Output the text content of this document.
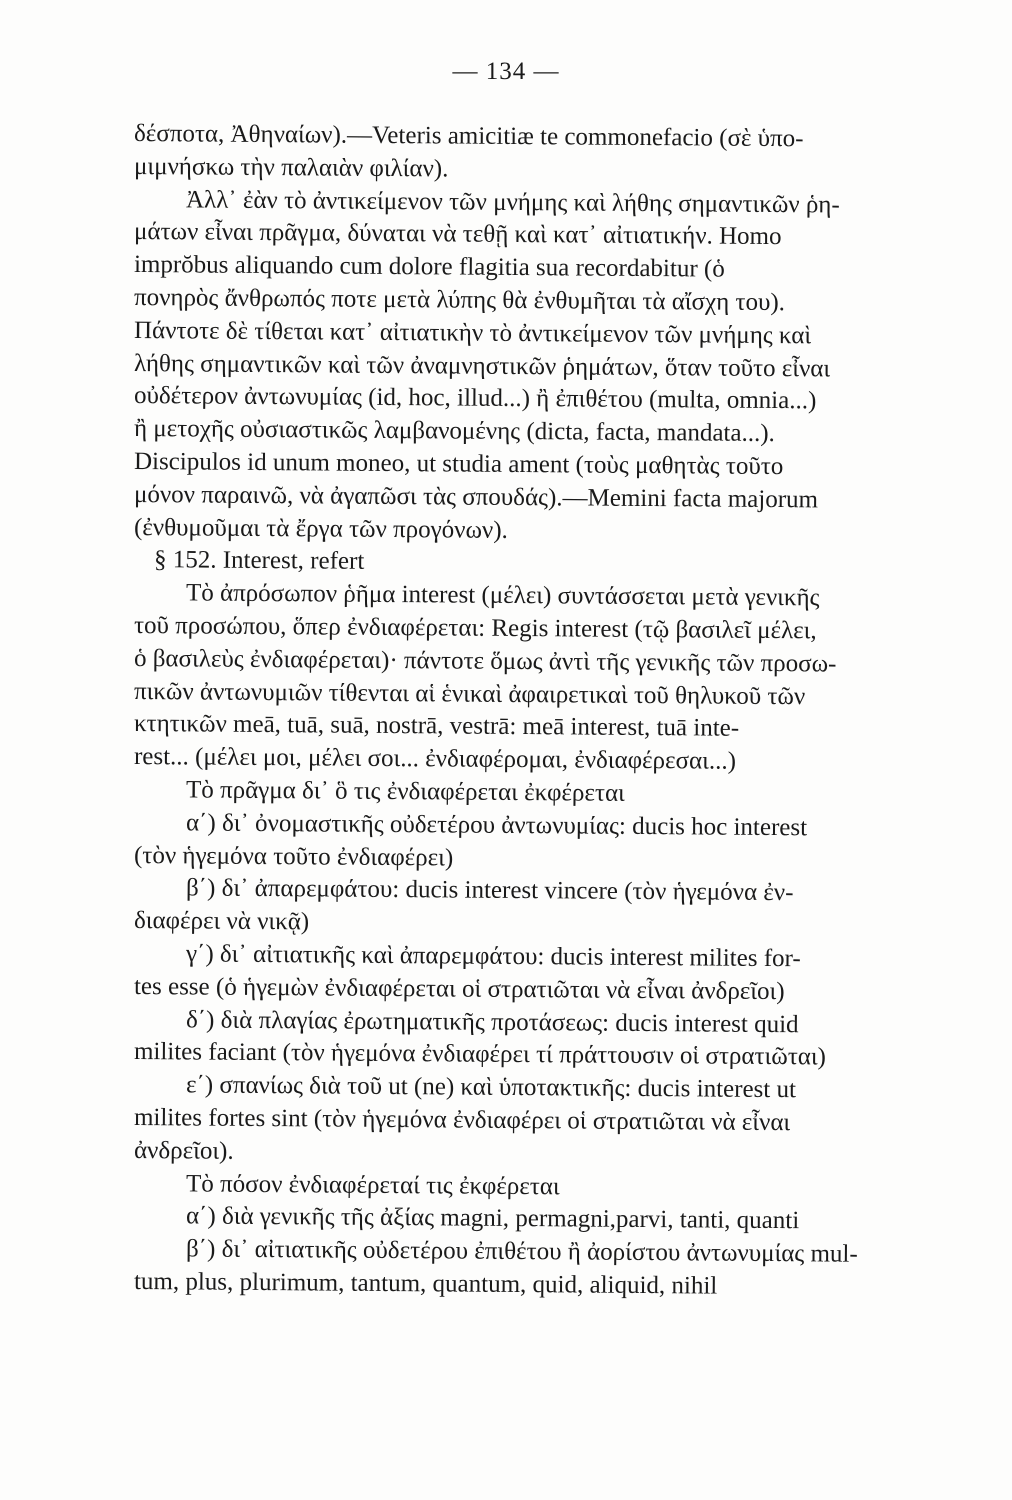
— 134 —
δέσποτα, Ἀθηναίων).—Veteris amicitiæ te commonefacio (σὲ ὑπο-
μιμνήσκω τὴν παλαιὰν φιλίαν).
Ἀλλ᾽ ἐὰν τὸ ἀντικείμενον τῶν μνήμης καὶ λήθης σημαντικῶν ῥη-
μάτων εἶναι πρᾶγμα, δύναται νὰ τεθῇ καὶ κατ᾽ αἰτιατικήν. Homo
imprŏbus aliquando cum dolore flagitia sua recordabitur (ὁ
πονηρὸς ἄνθρωπός ποτε μετὰ λύπης θὰ ἐνθυμῆται τὰ αἴσχη του).
Πάντοτε δὲ τίθεται κατ᾽ αἰτιατικὴν τὸ ἀντικείμενον τῶν μνήμης καὶ
λήθης σημαντικῶν καὶ τῶν ἀναμνηστικῶν ῥημάτων, ὅταν τοῦτο εἶναι
οὐδέτερον ἀντωνυμίας (id, hoc, illud...) ἢ ἐπιθέτου (multa, omnia...)
ἢ μετοχῆς οὐσιαστικῶς λαμβανομένης (dicta, facta, mandata...).
Discipulos id unum moneo, ut studia ament (τοὺς μαθητὰς τοῦτο
μόνον παραινῶ, νὰ ἀγαπῶσι τὰς σπουδάς).—Memini facta majorum
(ἐνθυμοῦμαι τὰ ἔργα τῶν προγόνων).
§ 152. Interest, refert
Τὸ ἀπρόσωπον ῥῆμα interest (μέλει) συντάσσεται μετὰ γενικῆς
τοῦ προσώπου, ὅπερ ἐνδιαφέρεται: Regis interest (τῷ βασιλεῖ μέλει,
ὁ βασιλεὺς ἐνδιαφέρεται)· πάντοτε ὅμως ἀντὶ τῆς γενικῆς τῶν προσω-
πικῶν ἀντωνυμιῶν τίθενται αἱ ἑνικαὶ ἀφαιρετικαὶ τοῦ θηλυκοῦ τῶν
κτητικῶν meā, tuā, suā, nostrā, vestrā: meā interest, tuā inte-
rest... (μέλει μοι, μέλει σοι... ἐνδιαφέρομαι, ἐνδιαφέρεσαι...)
Τὸ πρᾶγμα δι᾽ ὃ τις ἐνδιαφέρεται ἐκφέρεται
α΄) δι᾽ ὀνομαστικῆς οὐδετέρου ἀντωνυμίας: ducis hoc interest
(τὸν ἡγεμόνα τοῦτο ἐνδιαφέρει)
β΄) δι᾽ ἀπαρεμφάτου: ducis interest vincere (τὸν ἡγεμόνα ἐν-
διαφέρει νὰ νικᾷ)
γ΄) δι᾽ αἰτιατικῆς καὶ ἀπαρεμφάτου: ducis interest milites for-
tes esse (ὁ ἡγεμὼν ἐνδιαφέρεται οἱ στρατιῶται νὰ εἶναι ἀνδρεῖοι)
δ΄) διὰ πλαγίας ἐρωτηματικῆς προτάσεως: ducis interest quid
milites faciant (τὸν ἡγεμόνα ἐνδιαφέρει τί πράττουσιν οἱ στρατιῶται)
ε΄) σπανίως διὰ τοῦ ut (ne) καὶ ὑποτακτικῆς: ducis interest ut
milites fortes sint (τὸν ἡγεμόνα ἐνδιαφέρει οἱ στρατιῶται νὰ εἶναι
ἀνδρεῖοι).
Τὸ πόσον ἐνδιαφέρεταί τις ἐκφέρεται
α΄) διὰ γενικῆς τῆς ἀξίας magni, permagni,parvi, tanti, quanti
β΄) δι᾽ αἰτιατικῆς οὐδετέρου ἐπιθέτου ἢ ἀορίστου ἀντωνυμίας mul-
tum, plus, plurimum, tantum, quantum, quid, aliquid, nihil
